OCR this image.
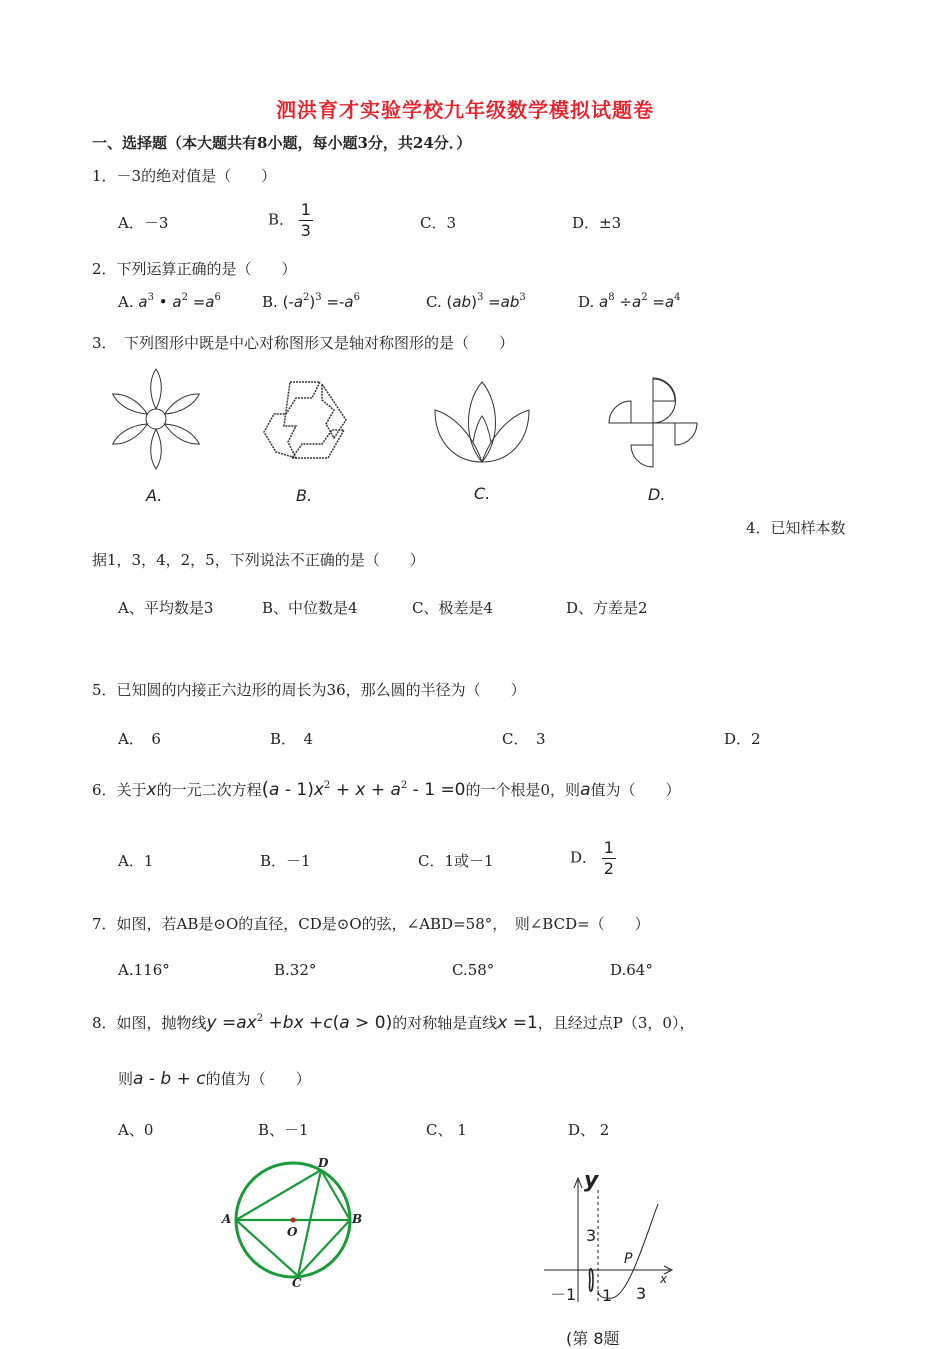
泗洪育才实验学校九年级数学模拟试题卷
一、选择题（本大题共有8小题，每小题3分，共24分．）
1．－3的绝对值是（　　）
A．－3	B． $\frac{1}{3}$	C．3	D．±3
2．下列运算正确的是（　　）
A. $a^3$ • $a^2 =a^6$	B. $(-a^2)^3 =-a^6$	C. $(ab)^3 =ab^3$	D. $a^8 \div a^2 =a^4$
3．　下列图形中既是中心对称图形又是轴对称图形的是（　　）
A.	B.	C.	D.
4．已知样本数
据1，3，4，2，5，下列说法不正确的是（　　）
A、平均数是3	B、中位数是4	C、极差是4	D、方差是2
5．已知圆的内接正六边形的周长为36，那么圆的半径为（　　）
A．　6	B．　4	C．　3	D．2
6．关于x的一元二次方程$(a - 1)x^2 + x + a^2 - 1 =0$的一个根是0，则a值为（　　）
A．1	B．－1	C．1或－1	D． $\frac{1}{2}$
7．如图，若AB是⊙O的直径，CD是⊙O的弦，∠ABD=58°，　则∠BCD=（　　）
A.116°	B.32°	C.58°	D.64°
8．如图，抛物线$y =ax^2 +bx +c(a > 0)$的对称轴是直线x =1，且经过点P（3，0），
则a - b + c的值为（　　）
A、0	B、－1	C、 1	D、 2
A	B
D
C
O
y
x
3
P
－1 1 3
(第 8题
